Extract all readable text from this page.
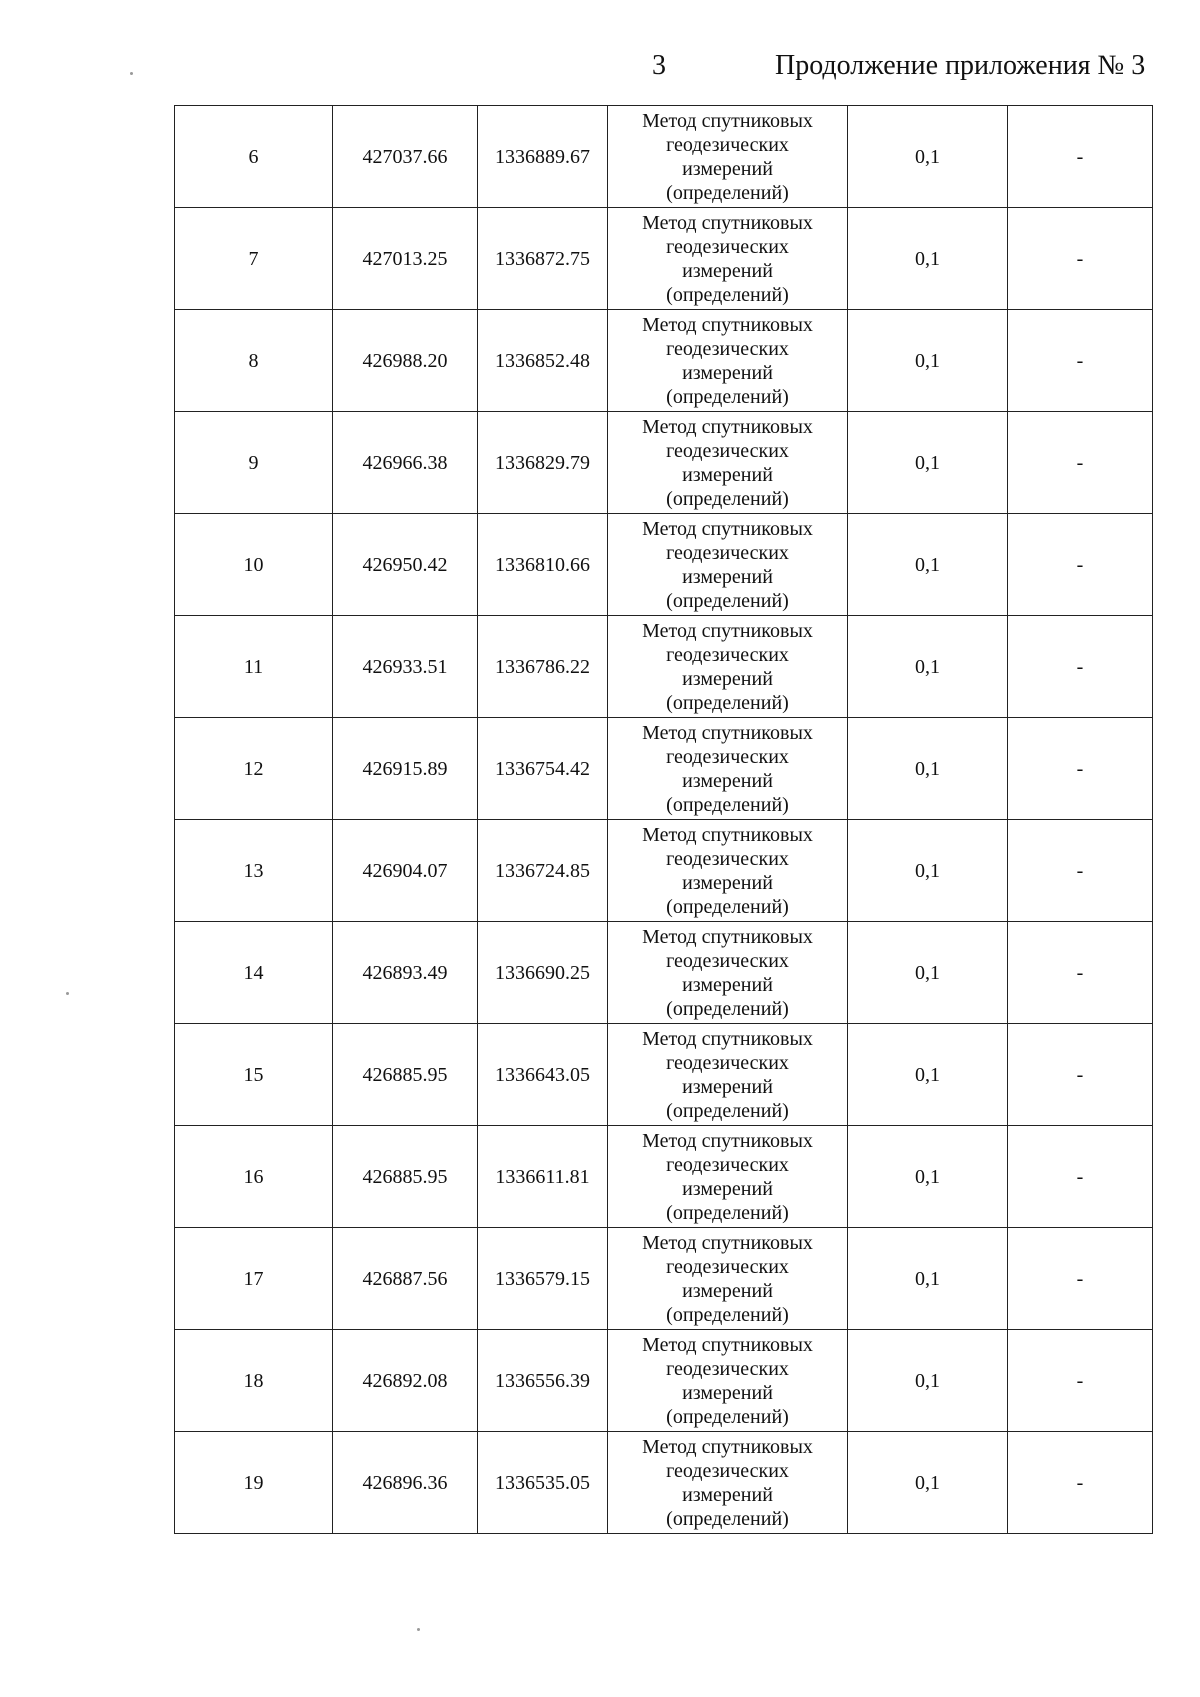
3	Продолжение приложения № 3
6	427037.66	1336889.67	Метод спутниковых
геодезических
измерений
(определений)	0,1	-
7	427013.25	1336872.75	Метод спутниковых
геодезических
измерений
(определений)	0,1	-
8	426988.20	1336852.48	Метод спутниковых
геодезических
измерений
(определений)	0,1	-
9	426966.38	1336829.79	Метод спутниковых
геодезических
измерений
(определений)	0,1	-
10	426950.42	1336810.66	Метод спутниковых
геодезических
измерений
(определений)	0,1	-
11	426933.51	1336786.22	Метод спутниковых
геодезических
измерений
(определений)	0,1	-
12	426915.89	1336754.42	Метод спутниковых
геодезических
измерений
(определений)	0,1	-
13	426904.07	1336724.85	Метод спутниковых
геодезических
измерений
(определений)	0,1	-
14	426893.49	1336690.25	Метод спутниковых
геодезических
измерений
(определений)	0,1	-
15	426885.95	1336643.05	Метод спутниковых
геодезических
измерений
(определений)	0,1	-
16	426885.95	1336611.81	Метод спутниковых
геодезических
измерений
(определений)	0,1	-
17	426887.56	1336579.15	Метод спутниковых
геодезических
измерений
(определений)	0,1	-
18	426892.08	1336556.39	Метод спутниковых
геодезических
измерений
(определений)	0,1	-
19	426896.36	1336535.05	Метод спутниковых
геодезических
измерений
(определений)	0,1	-
